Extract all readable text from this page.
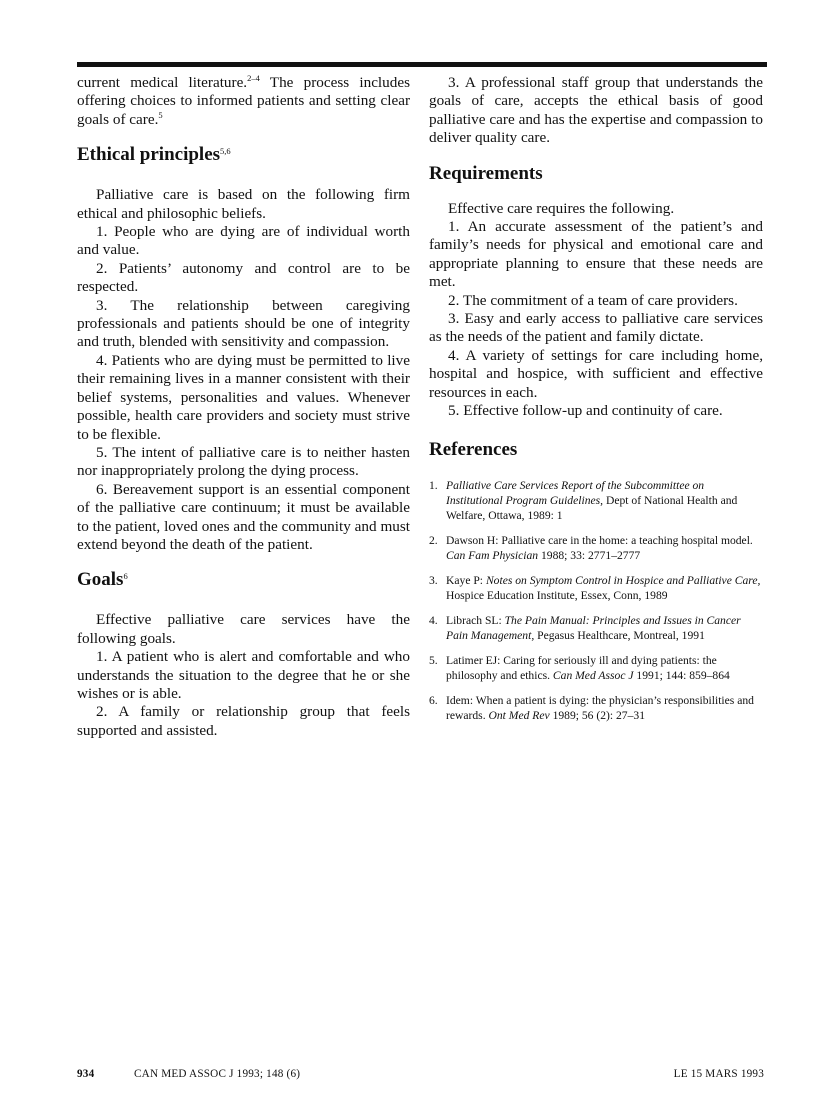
current medical literature.$^{2-4}$ The process includes offering choices to informed patients and setting clear goals of care.$^5$

Ethical principles$^{5,6}$

Palliative care is based on the following firm ethical and philosophic beliefs.

1. People who are dying are of individual worth and value.

2. Patients’ autonomy and control are to be respected.

3. The relationship between caregiving professionals and patients should be one of integrity and truth, blended with sensitivity and compassion.

4. Patients who are dying must be permitted to live their remaining lives in a manner consistent with their belief systems, personalities and values. Whenever possible, health care providers and society must strive to be flexible.

5. The intent of palliative care is to neither hasten nor inappropriately prolong the dying process.

6. Bereavement support is an essential component of the palliative care continuum; it must be available to the patient, loved ones and the community and must extend beyond the death of the patient.

Goals$^6$

Effective palliative care services have the following goals.

1. A patient who is alert and comfortable and who understands the situation to the degree that he or she wishes or is able.

2. A family or relationship group that feels supported and assisted.

3. A professional staff group that understands the goals of care, accepts the ethical basis of good palliative care and has the expertise and compassion to deliver quality care.

Requirements

Effective care requires the following.

1. An accurate assessment of the patient’s and family’s needs for physical and emotional care and appropriate planning to ensure that these needs are met.

2. The commitment of a team of care providers.

3. Easy and early access to palliative care services as the needs of the patient and family dictate.

4. A variety of settings for care including home, hospital and hospice, with sufficient and effective resources in each.

5. Effective follow-up and continuity of care.

References
1. Palliative Care Services Report of the Subcommittee on Institutional Program Guidelines, Dept of National Health and Welfare, Ottawa, 1989: 1
2. Dawson H: Palliative care in the home: a teaching hospital model. Can Fam Physician 1988; 33: 2771–2777
3. Kaye P: Notes on Symptom Control in Hospice and Palliative Care, Hospice Education Institute, Essex, Conn, 1989
4. Librach SL: The Pain Manual: Principles and Issues in Cancer Pain Management, Pegasus Healthcare, Montreal, 1991
5. Latimer EJ: Caring for seriously ill and dying patients: the philosophy and ethics. Can Med Assoc J 1991; 144: 859–864
6. Idem: When a patient is dying: the physician’s responsibilities and rewards. Ont Med Rev 1989; 56 (2): 27–31
934	CAN MED ASSOC J 1993; 148 (6)	LE 15 MARS 1993
